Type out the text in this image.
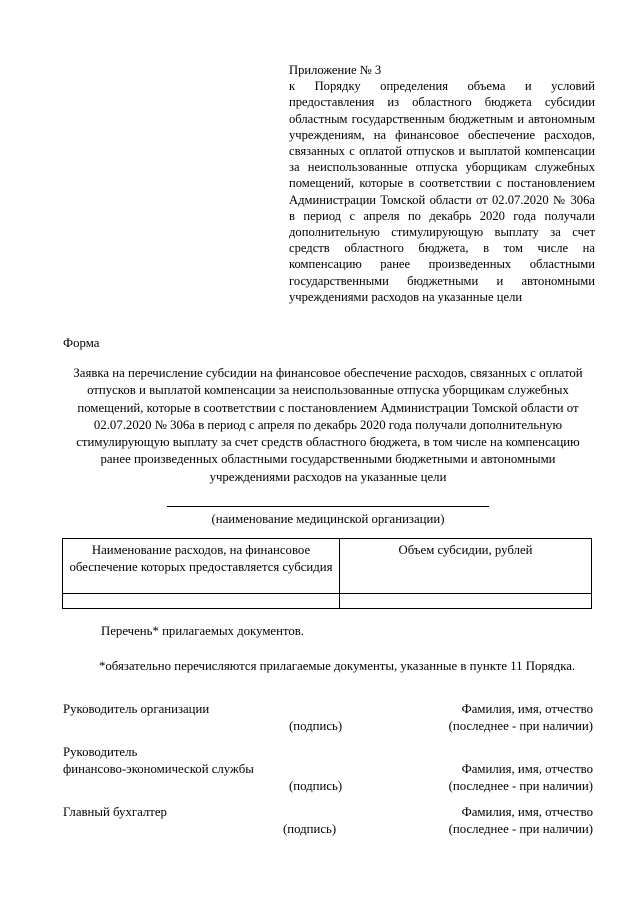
Приложение № 3
к Порядку определения объема и условий предоставления из областного бюджета субсидии областным государственным бюджетным и автономным учреждениям, на финансовое обеспечение расходов, связанных с оплатой отпусков и выплатой компенсации за неиспользованные отпуска уборщикам служебных помещений, которые в соответствии с постановлением Администрации Томской области от 02.07.2020 № 306а в период с апреля по декабрь 2020 года получали дополнительную стимулирующую выплату за счет средств областного бюджета, в том числе на компенсацию ранее произведенных областными государственными бюджетными и автономными учреждениями расходов на указанные цели
Форма
Заявка на перечисление субсидии на финансовое обеспечение расходов, связанных с оплатой отпусков и выплатой компенсации за неиспользованные отпуска уборщикам служебных помещений, которые в соответствии с постановлением Администрации Томской области от 02.07.2020 № 306а в период с апреля по декабрь 2020 года получали дополнительную стимулирующую выплату за счет средств областного бюджета, в том числе на компенсацию ранее произведенных областными государственными бюджетными и автономными учреждениями расходов на указанные цели
(наименование медицинской организации)
Наименование расходов, на финансовое обеспечение которых предоставляется субсидия	Объем субсидии, рублей

Перечень* прилагаемых документов.
*обязательно перечисляются прилагаемые документы, указанные в пункте 11 Порядка.
Руководитель организации	Фамилия, имя, отчество
(подпись)	(последнее - при наличии)
Руководитель
финансово-экономической службы	Фамилия, имя, отчество
(подпись)	(последнее - при наличии)
Главный бухгалтер	Фамилия, имя, отчество
(подпись)	(последнее - при наличии)
